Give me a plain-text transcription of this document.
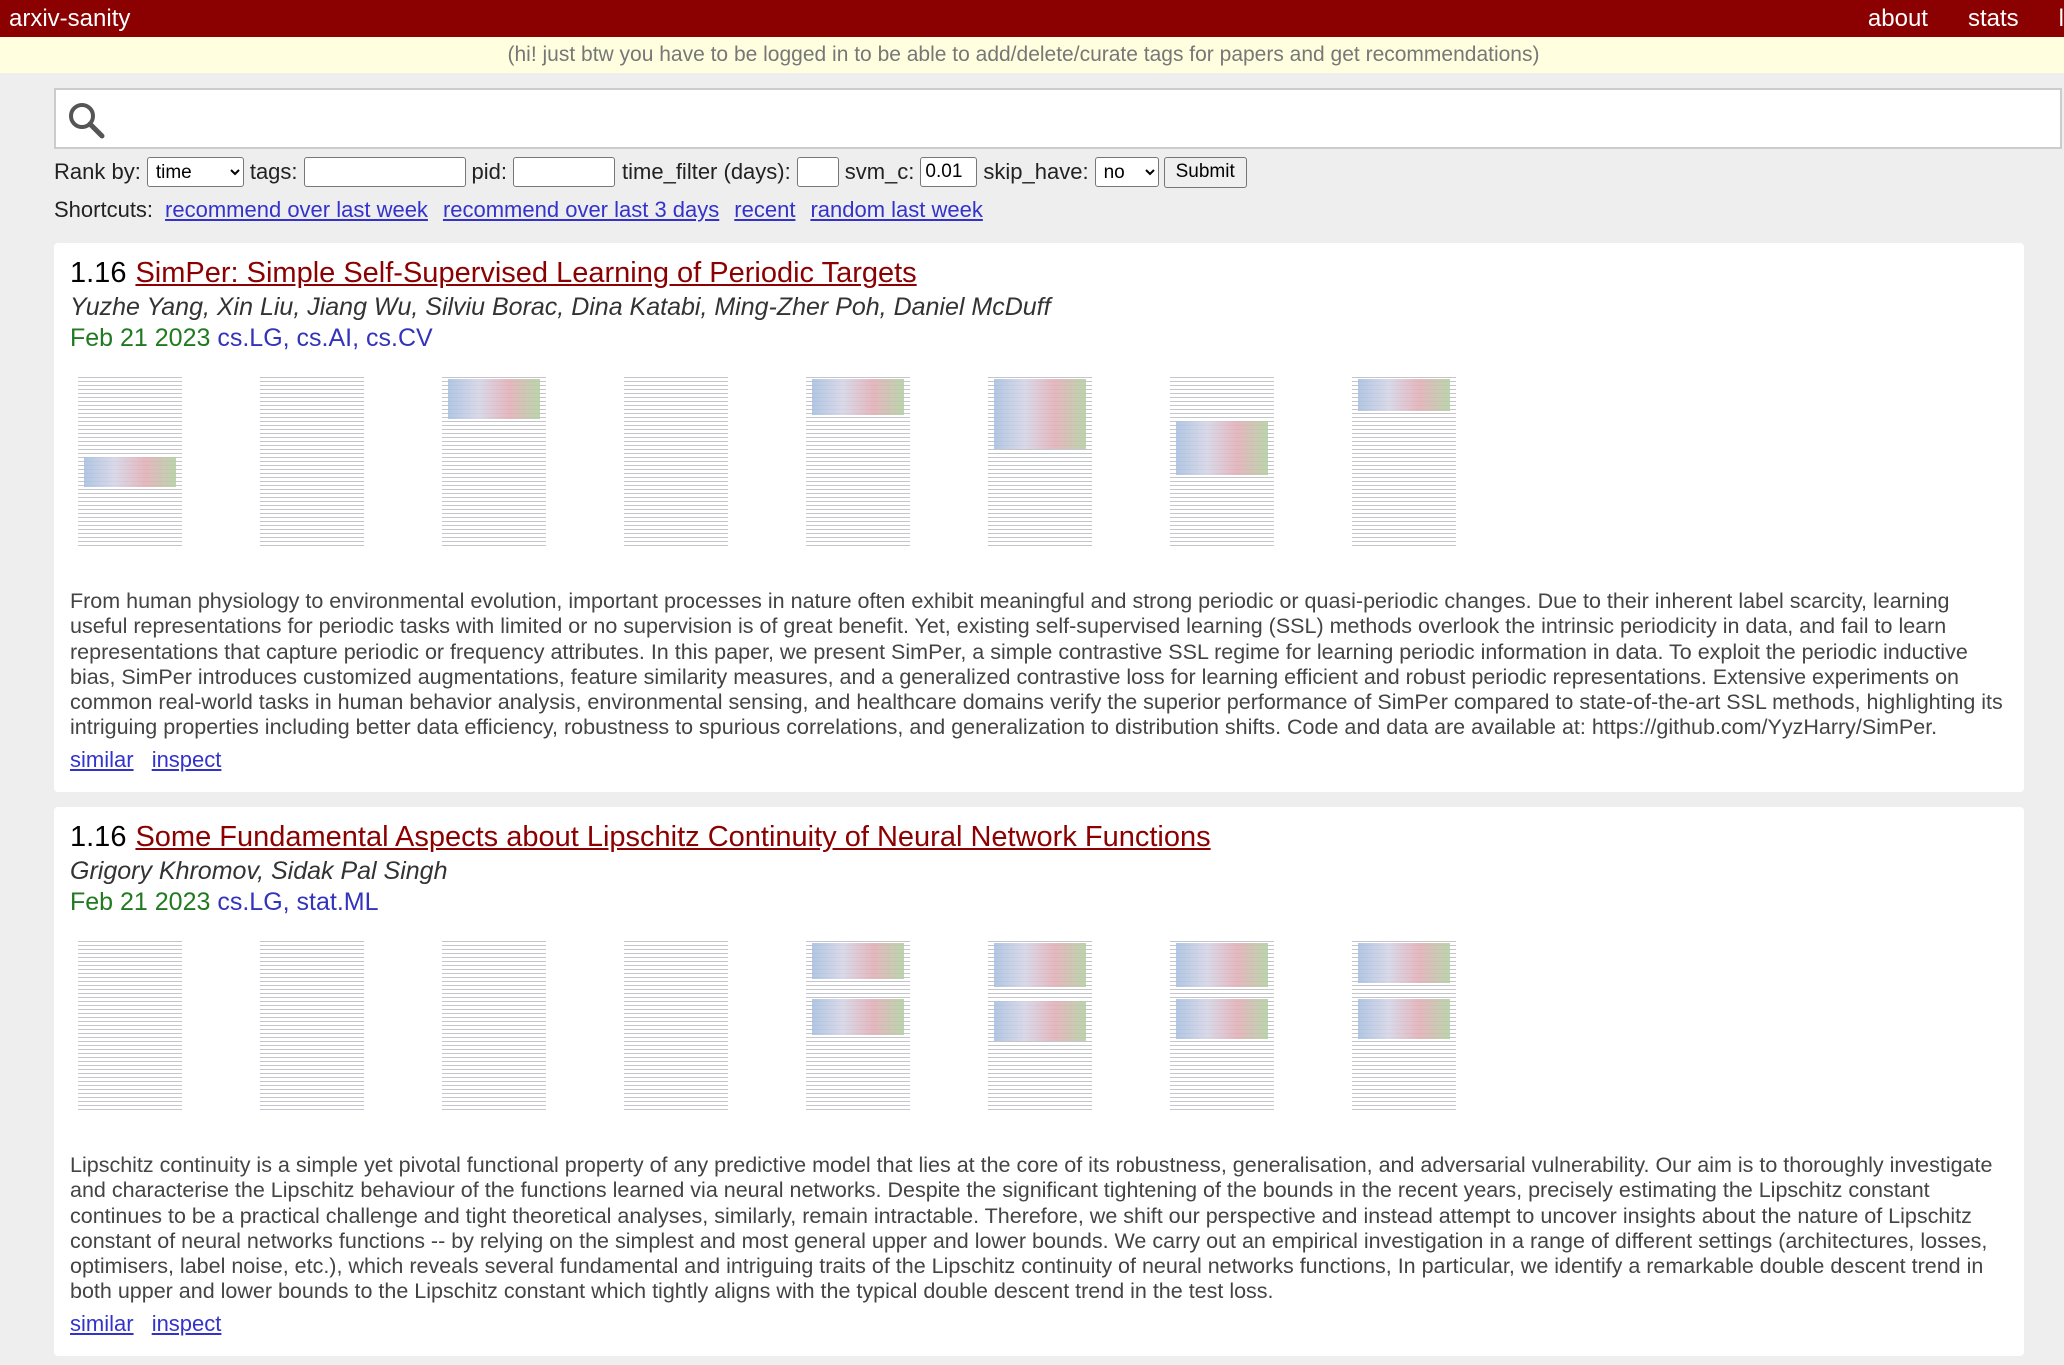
arxiv-sanity	about stats l
(hi! just btw you have to be logged in to be able to add/delete/curate tags for papers and get recommendations)
Rank by:
time	tags:	pid:	time_filter (days): svm_c:
0.01	skip_have:
no	Submit
Shortcuts: recommend over last week recommend over last 3 days recent random last week
1.16 SimPer: Simple Self-Supervised Learning of Periodic Targets
Yuzhe Yang, Xin Liu, Jiang Wu, Silviu Borac, Dina Katabi, Ming-Zher Poh, Daniel McDuff
Feb 21 2023 cs.LG, cs.AI, cs.CV
From human physiology to environmental evolution, important processes in nature often exhibit meaningful and strong periodic or quasi-periodic changes. Due to their inherent label scarcity, learning useful representations for periodic tasks with limited or no supervision is of great benefit. Yet, existing self-supervised learning (SSL) methods overlook the intrinsic periodicity in data, and fail to learn representations that capture periodic or frequency attributes. In this paper, we present SimPer, a simple contrastive SSL regime for learning periodic information in data. To exploit the periodic inductive bias, SimPer introduces customized augmentations, feature similarity measures, and a generalized contrastive loss for learning efficient and robust periodic representations. Extensive experiments on common real-world tasks in human behavior analysis, environmental sensing, and healthcare domains verify the superior performance of SimPer compared to state-of-the-art SSL methods, highlighting its intriguing properties including better data efficiency, robustness to spurious correlations, and generalization to distribution shifts. Code and data are available at: https://github.com/YyzHarry/SimPer.
similar inspect
1.16 Some Fundamental Aspects about Lipschitz Continuity of Neural Network Functions
Grigory Khromov, Sidak Pal Singh
Feb 21 2023 cs.LG, stat.ML
Lipschitz continuity is a simple yet pivotal functional property of any predictive model that lies at the core of its robustness, generalisation, and adversarial vulnerability. Our aim is to thoroughly investigate and characterise the Lipschitz behaviour of the functions learned via neural networks. Despite the significant tightening of the bounds in the recent years, precisely estimating the Lipschitz constant continues to be a practical challenge and tight theoretical analyses, similarly, remain intractable. Therefore, we shift our perspective and instead attempt to uncover insights about the nature of Lipschitz constant of neural networks functions -- by relying on the simplest and most general upper and lower bounds. We carry out an empirical investigation in a range of different settings (architectures, losses, optimisers, label noise, etc.), which reveals several fundamental and intriguing traits of the Lipschitz continuity of neural networks functions, In particular, we identify a remarkable double descent trend in both upper and lower bounds to the Lipschitz constant which tightly aligns with the typical double descent trend in the test loss.
similar inspect
